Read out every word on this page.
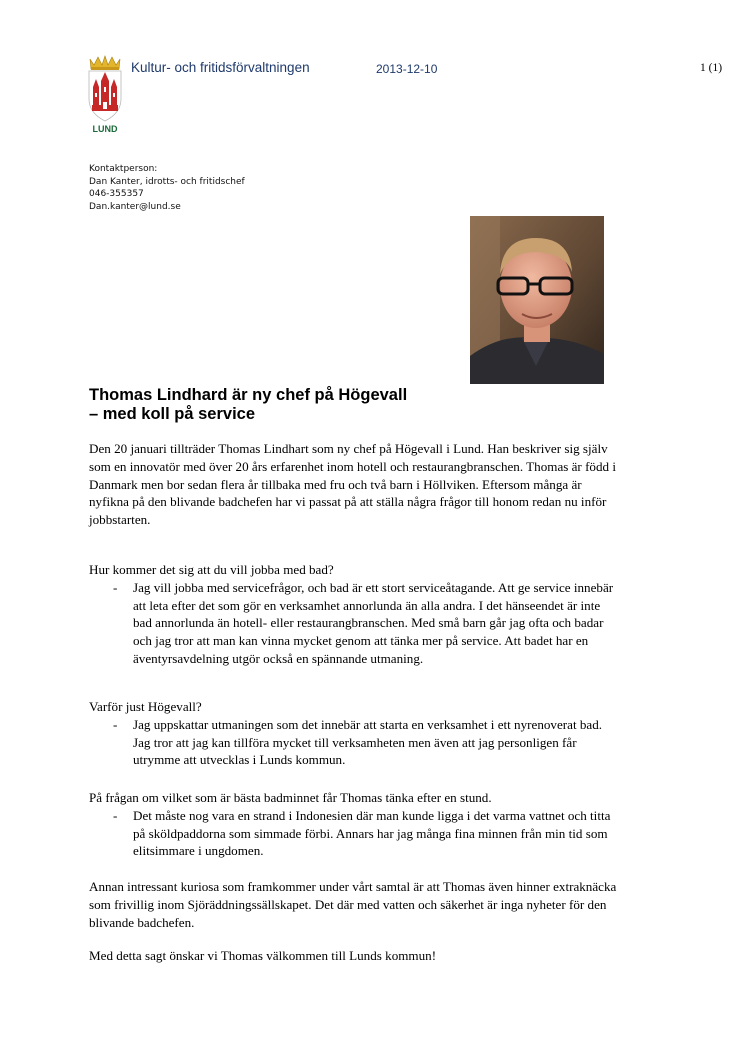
LUND
Kultur- och fritidsförvaltningen	2013-12-10	1 (1)
Kontaktperson:
Dan Kanter, idrotts- och fritidschef
046-355357
Dan.kanter@lund.se
Thomas Lindhard är ny chef på Högevall
– med koll på service

Den 20 januari tillträder Thomas Lindhart som ny chef på Högevall i Lund. Han beskriver sig själv som en innovatör med över 20 års erfarenhet inom hotell och restaurangbranschen. Thomas är född i Danmark men bor sedan flera år tillbaka med fru och två barn i Höllviken. Eftersom många är nyfikna på den blivande badchefen har vi passat på att ställa några frågor till honom redan nu inför jobbstarten.

Hur kommer det sig att du vill jobba med bad?

- Jag vill jobba med servicefrågor, och bad är ett stort serviceåtagande. Att ge service innebär att leta efter det som gör en verksamhet annorlunda än alla andra. I det hänseendet är inte bad annorlunda än hotell- eller restaurangbranschen. Med små barn går jag ofta och badar och jag tror att man kan vinna mycket genom att tänka mer på service. Att badet har en äventyrsavdelning utgör också en spännande utmaning.

Varför just Högevall?

- Jag uppskattar utmaningen som det innebär att starta en verksamhet i ett nyrenoverat bad. Jag tror att jag kan tillföra mycket till verksamheten men även att jag personligen får utrymme att utvecklas i Lunds kommun.

På frågan om vilket som är bästa badminnet får Thomas tänka efter en stund.

- Det måste nog vara en strand i Indonesien där man kunde ligga i det varma vattnet och titta på sköldpaddorna som simmade förbi. Annars har jag många fina minnen från min tid som elitsimmare i ungdomen.

Annan intressant kuriosa som framkommer under vårt samtal är att Thomas även hinner extraknäcka som frivillig inom Sjöräddningssällskapet. Det där med vatten och säkerhet är inga nyheter för den blivande badchefen.

Med detta sagt önskar vi Thomas välkommen till Lunds kommun!
